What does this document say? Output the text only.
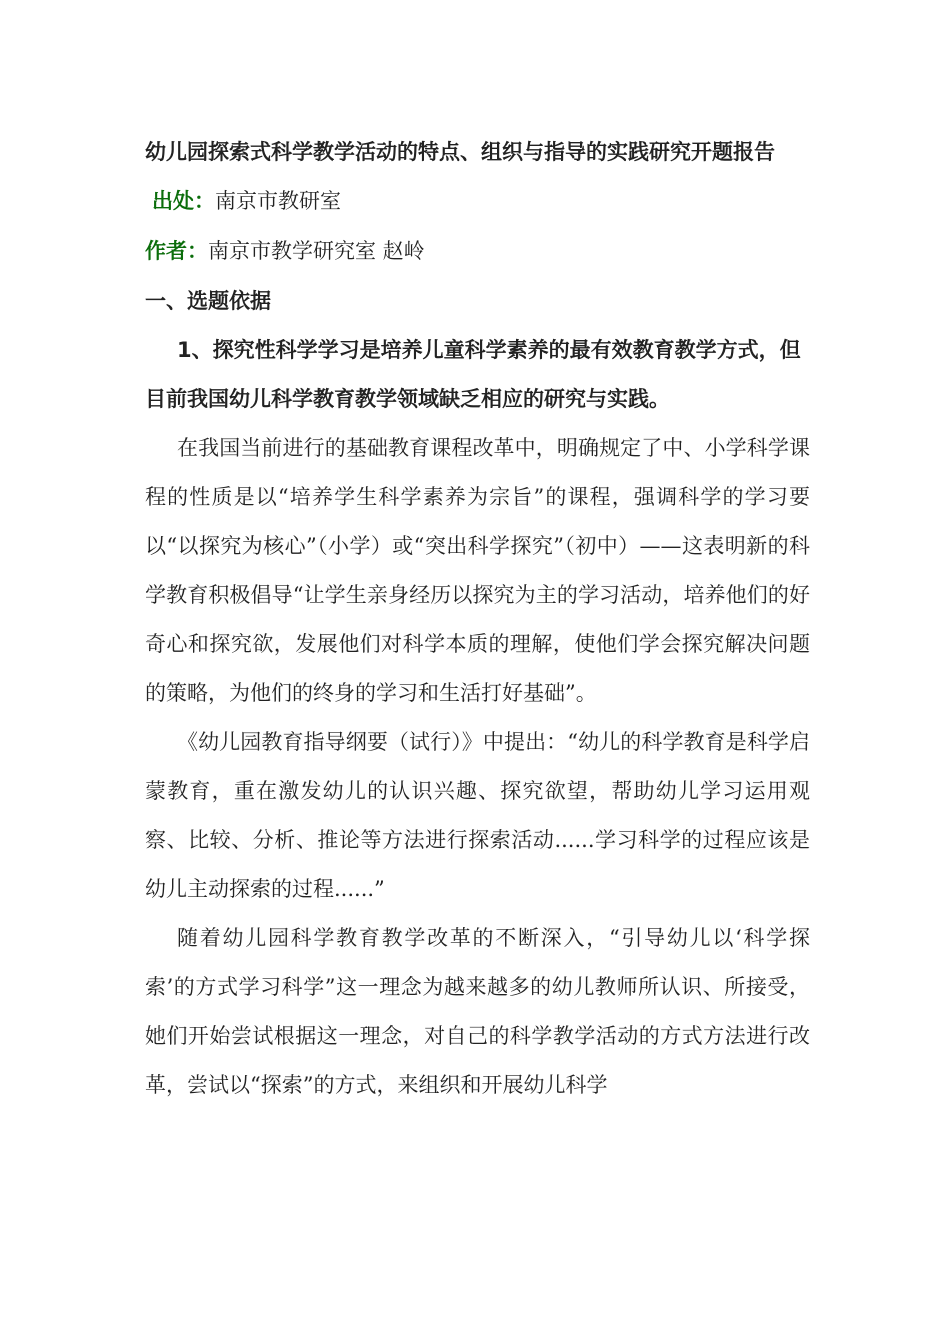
幼儿园探索式科学教学活动的特点、组织与指导的实践研究开题报告

出处：南京市教研室

作者：南京市教学研究室 赵岭

一、选题依据

1、探究性科学学习是培养儿童科学素养的最有效教育教学方式，但目前我国幼儿科学教育教学领域缺乏相应的研究与实践。

在我国当前进行的基础教育课程改革中，明确规定了中、小学科学课程的性质是以“培养学生科学素养为宗旨”的课程，强调科学的学习要以“以探究为核心”（小学）或“突出科学探究”（初中）——这表明新的科学教育积极倡导“让学生亲身经历以探究为主的学习活动，培养他们的好奇心和探究欲，发展他们对科学本质的理解，使他们学会探究解决问题的策略，为他们的终身的学习和生活打好基础”。

《幼儿园教育指导纲要（试行）》中提出：“幼儿的科学教育是科学启蒙教育，重在激发幼儿的认识兴趣、探究欲望，帮助幼儿学习运用观察、比较、分析、推论等方法进行探索活动......学习科学的过程应该是幼儿主动探索的过程......”

随着幼儿园科学教育教学改革的不断深入，“引导幼儿以‘科学探索’的方式学习科学”这一理念为越来越多的幼儿教师所认识、所接受，她们开始尝试根据这一理念，对自己的科学教学活动的方式方法进行改革，尝试以“探索”的方式，来组织和开展幼儿科学
